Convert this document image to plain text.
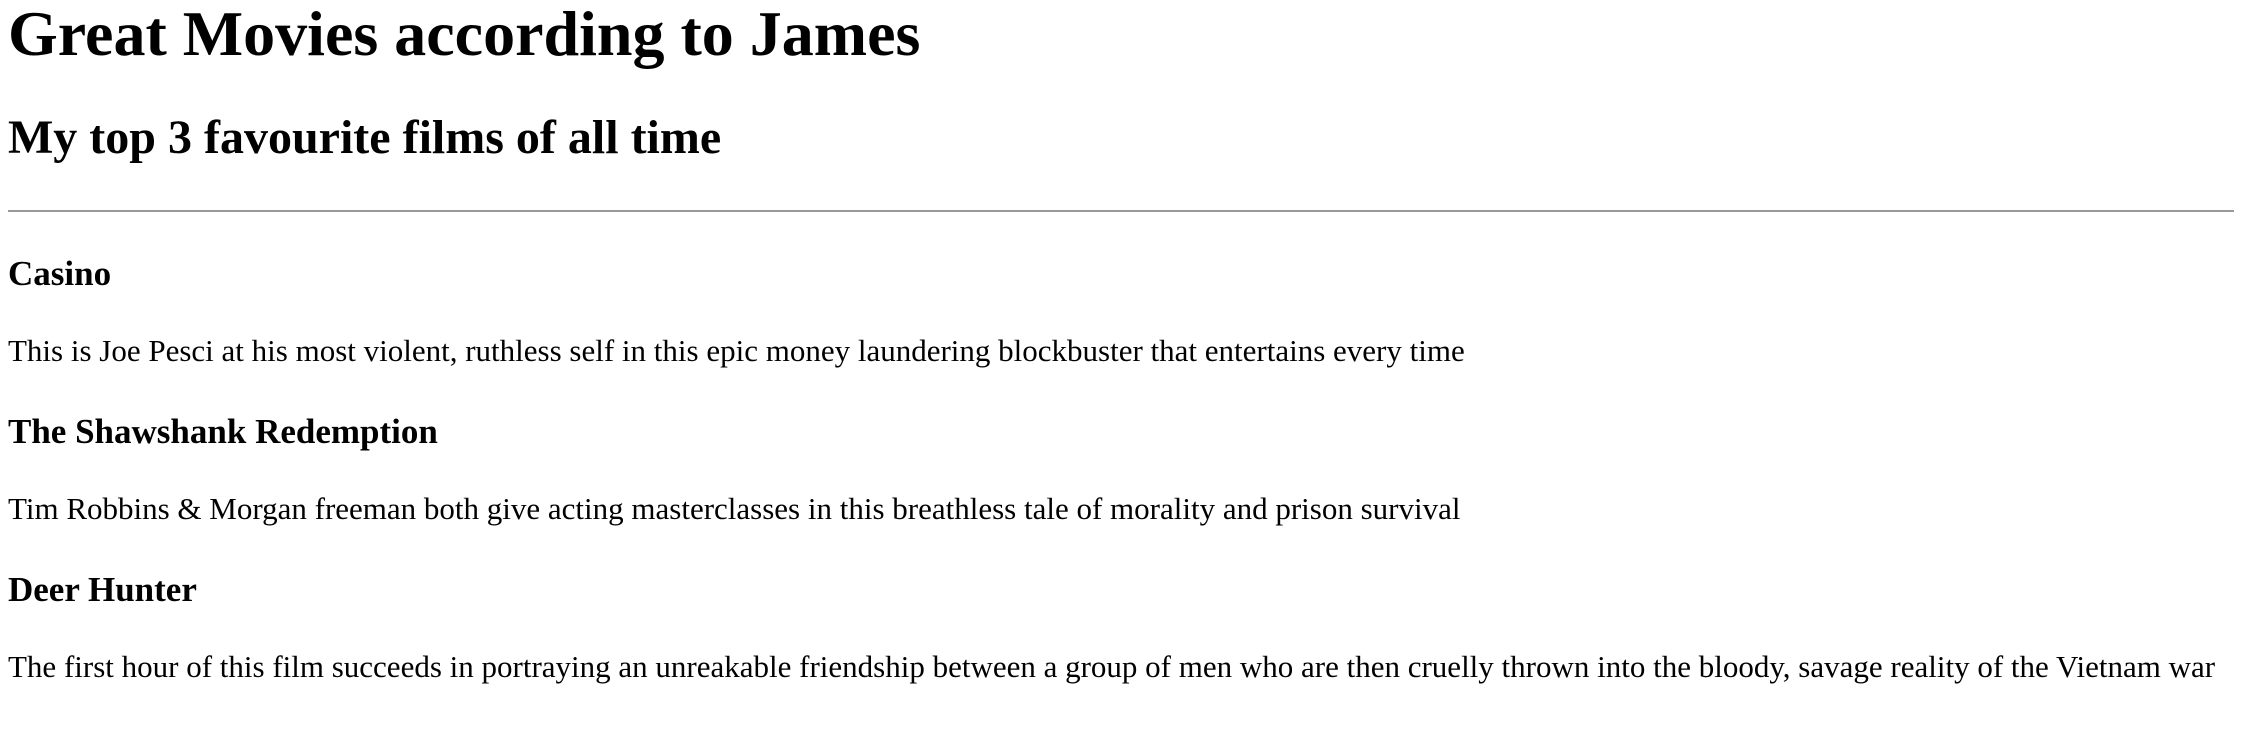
Great Movies according to James
My top 3 favourite films of all time
Casino

This is Joe Pesci at his most violent, ruthless self in this epic money laundering blockbuster that entertains every time

The Shawshank Redemption

Tim Robbins & Morgan freeman both give acting masterclasses in this breathless tale of morality and prison survival

Deer Hunter

The first hour of this film succeeds in portraying an unreakable friendship between a group of men who are then cruelly thrown into the bloody, savage reality of the Vietnam war
